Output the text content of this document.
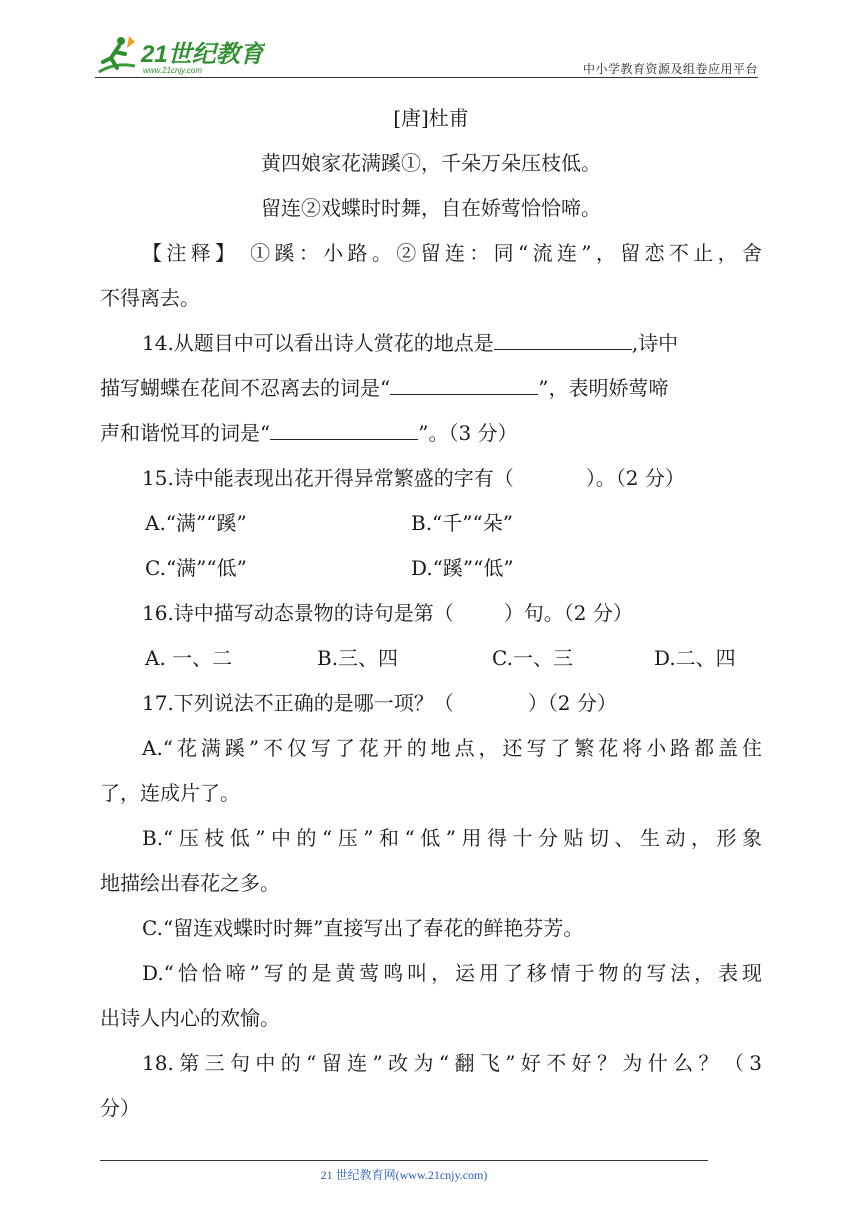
21世纪教育
www.21cnjy.com	中小学教育资源及组卷应用平台
[唐]杜甫
黄四娘家花满蹊①，千朵万朵压枝低。
留连②戏蝶时时舞，自在娇莺恰恰啼。
【注释】 ①蹊：小路。②留连：同“流连”，留恋不止，舍
不得离去。
14.从题目中可以看出诗人赏花的地点是	,诗中
描写蝴蝶在花间不忍离去的词是“	”，表明娇莺啼
声和谐悦耳的词是“	”。（3 分）
15.诗中能表现出花开得异常繁盛的字有（	）。（2 分）
A.“满”“蹊”	B.“千”“朵”
C.“满”“低”	D.“蹊”“低”
16.诗中描写动态景物的诗句是第（	）句。（2 分）
A. 一、二	B.三、四	C.一、三	D.二、四
17.下列说法不正确的是哪一项？（	）（2 分）
A.“花满蹊”不仅写了花开的地点，还写了繁花将小路都盖住
了，连成片了。
B.“压枝低”中的“压”和“低”用得十分贴切、生动，形象
地描绘出春花之多。
C.“留连戏蝶时时舞”直接写出了春花的鲜艳芬芳。
D.“恰恰啼”写的是黄莺鸣叫，运用了移情于物的写法，表现
出诗人内心的欢愉。
18.第三句中的“留连”改为“翻飞”好不好？为什么？（3
分）
21 世纪教育网(www.21cnjy.com)
